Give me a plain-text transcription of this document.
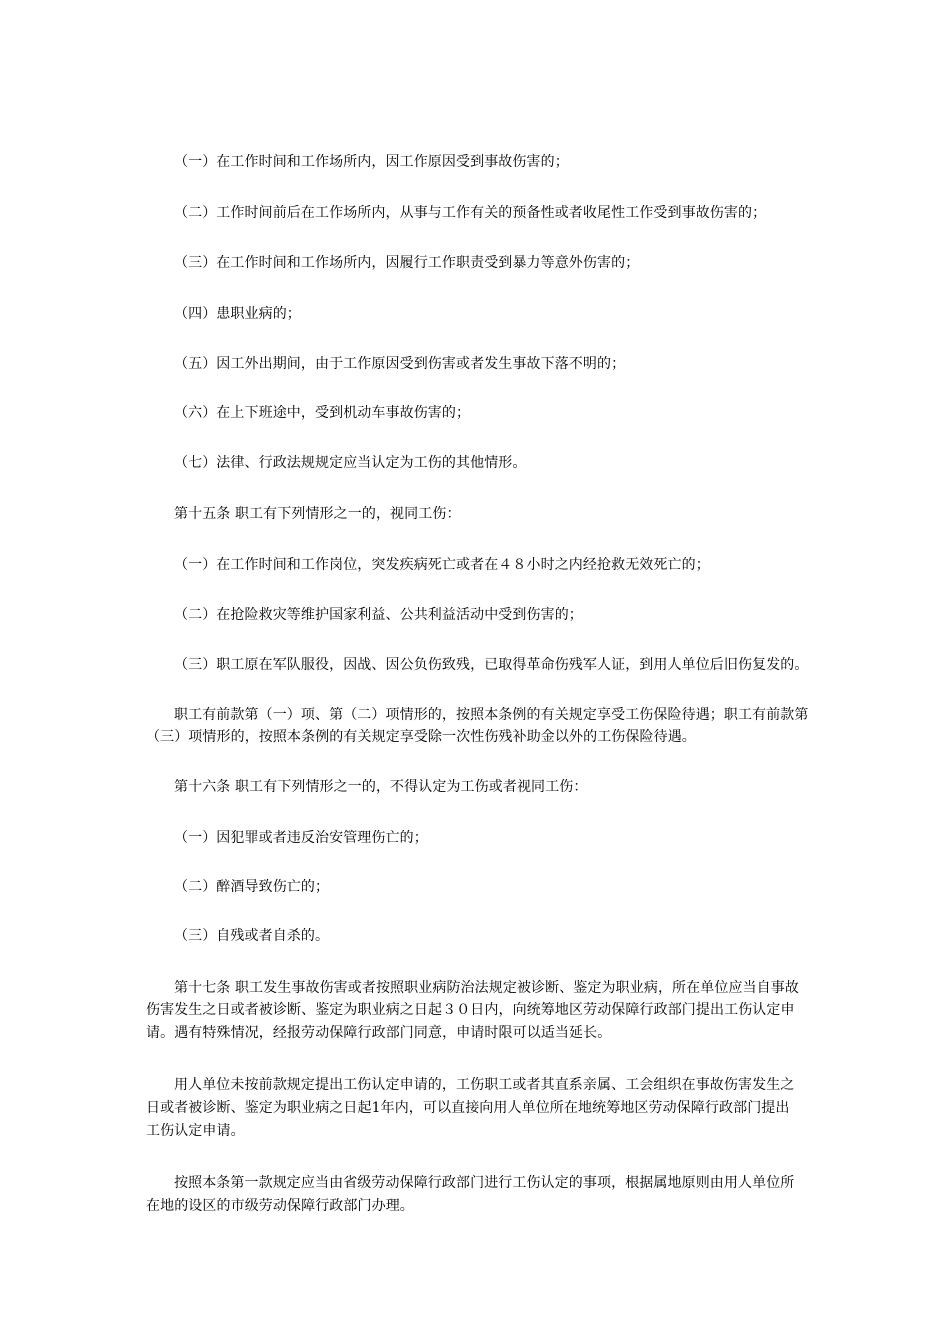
（一）在工作时间和工作场所内，因工作原因受到事故伤害的；
（二）工作时间前后在工作场所内，从事与工作有关的预备性或者收尾性工作受到事故伤害的；
（三）在工作时间和工作场所内，因履行工作职责受到暴力等意外伤害的；
（四）患职业病的；
（五）因工外出期间，由于工作原因受到伤害或者发生事故下落不明的；
（六）在上下班途中，受到机动车事故伤害的；
（七）法律、行政法规规定应当认定为工伤的其他情形。
第十五条 职工有下列情形之一的，视同工伤：
（一）在工作时间和工作岗位，突发疾病死亡或者在４８小时之内经抢救无效死亡的；
（二）在抢险救灾等维护国家利益、公共利益活动中受到伤害的；
（三）职工原在军队服役，因战、因公负伤致残，已取得革命伤残军人证，到用人单位后旧伤复发的。
职工有前款第（一）项、第（二）项情形的，按照本条例的有关规定享受工伤保险待遇；职工有前款第
（三）项情形的，按照本条例的有关规定享受除一次性伤残补助金以外的工伤保险待遇。
第十六条 职工有下列情形之一的，不得认定为工伤或者视同工伤：
（一）因犯罪或者违反治安管理伤亡的；
（二）醉酒导致伤亡的；
（三）自残或者自杀的。
第十七条 职工发生事故伤害或者按照职业病防治法规定被诊断、鉴定为职业病，所在单位应当自事故
伤害发生之日或者被诊断、鉴定为职业病之日起３０日内，向统筹地区劳动保障行政部门提出工伤认定申
请。遇有特殊情况，经报劳动保障行政部门同意，申请时限可以适当延长。
用人单位未按前款规定提出工伤认定申请的，工伤职工或者其直系亲属、工会组织在事故伤害发生之
日或者被诊断、鉴定为职业病之日起1年内，可以直接向用人单位所在地统筹地区劳动保障行政部门提出
工伤认定申请。
按照本条第一款规定应当由省级劳动保障行政部门进行工伤认定的事项，根据属地原则由用人单位所
在地的设区的市级劳动保障行政部门办理。
